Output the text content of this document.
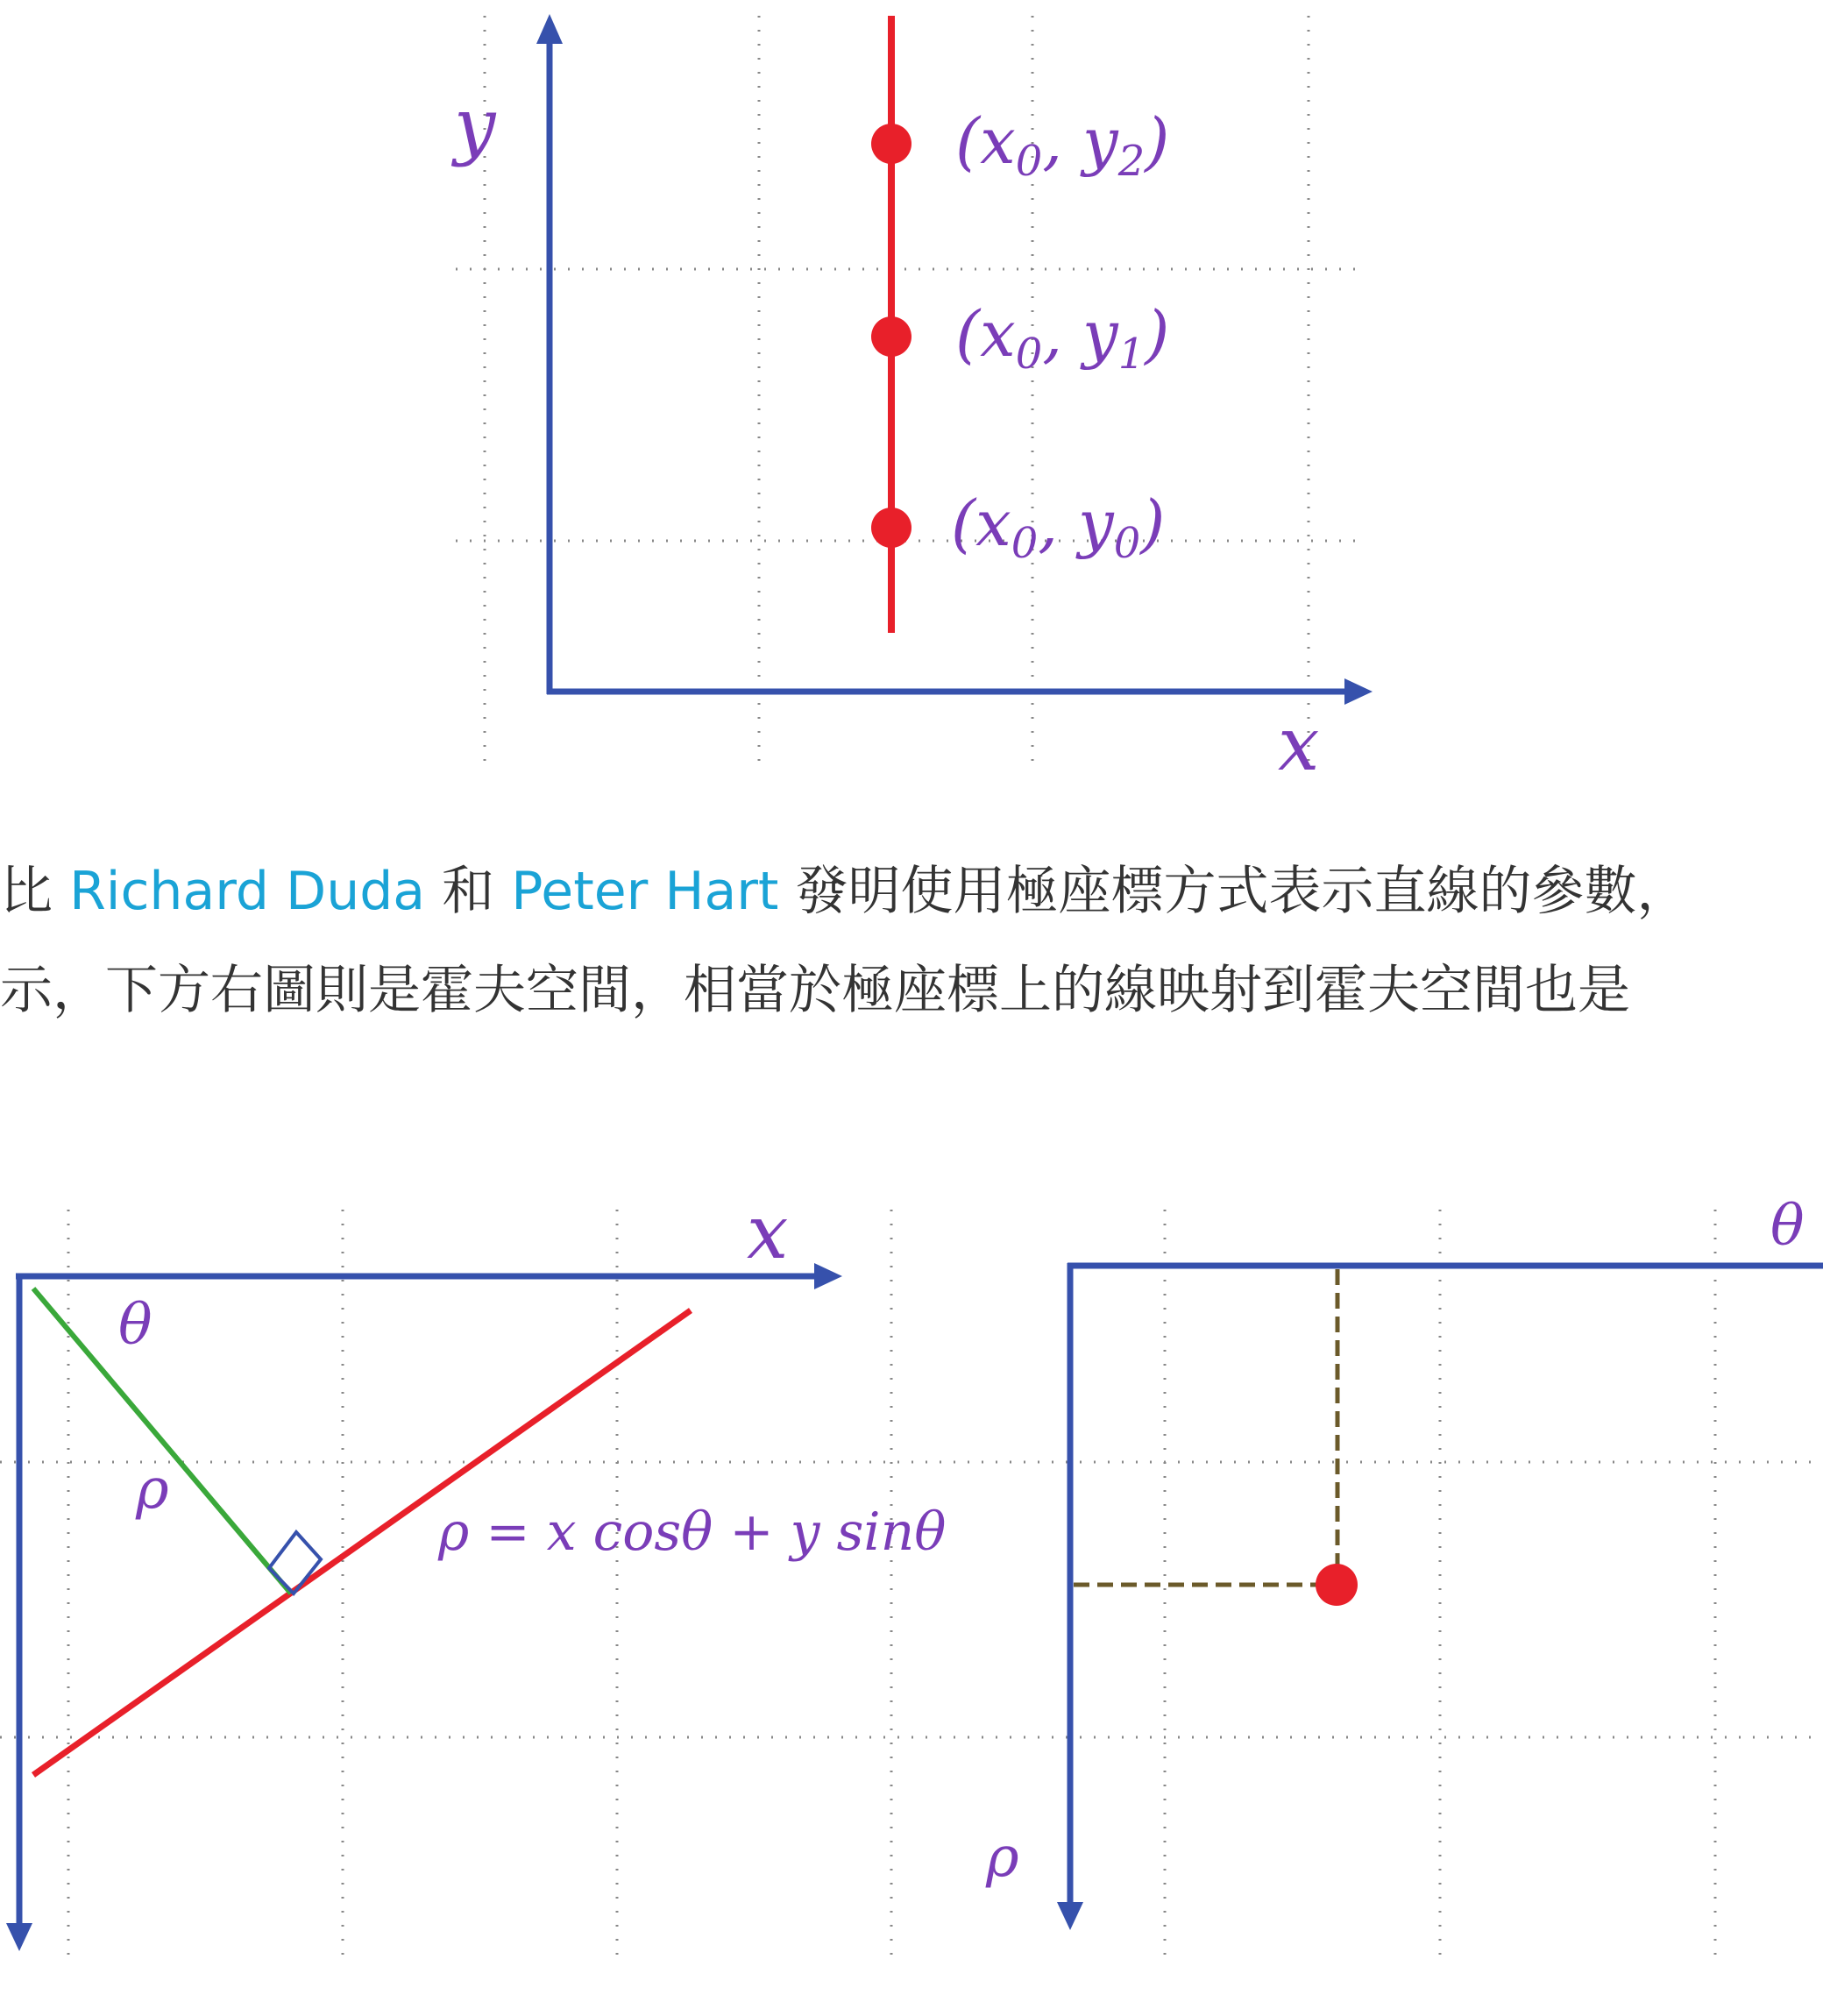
y
x
(x0, y2)
(x0, y1)
(x0, y0)
x
θ
ρ
ρ = x cosθ + y sinθ
θ
ρ
比 Richard Duda 和 Peter Hart 發明使用極座標方式表示直線的參數，
示，下方右圖則是霍夫空間，相當於極座標上的線映射到霍夫空間也是
